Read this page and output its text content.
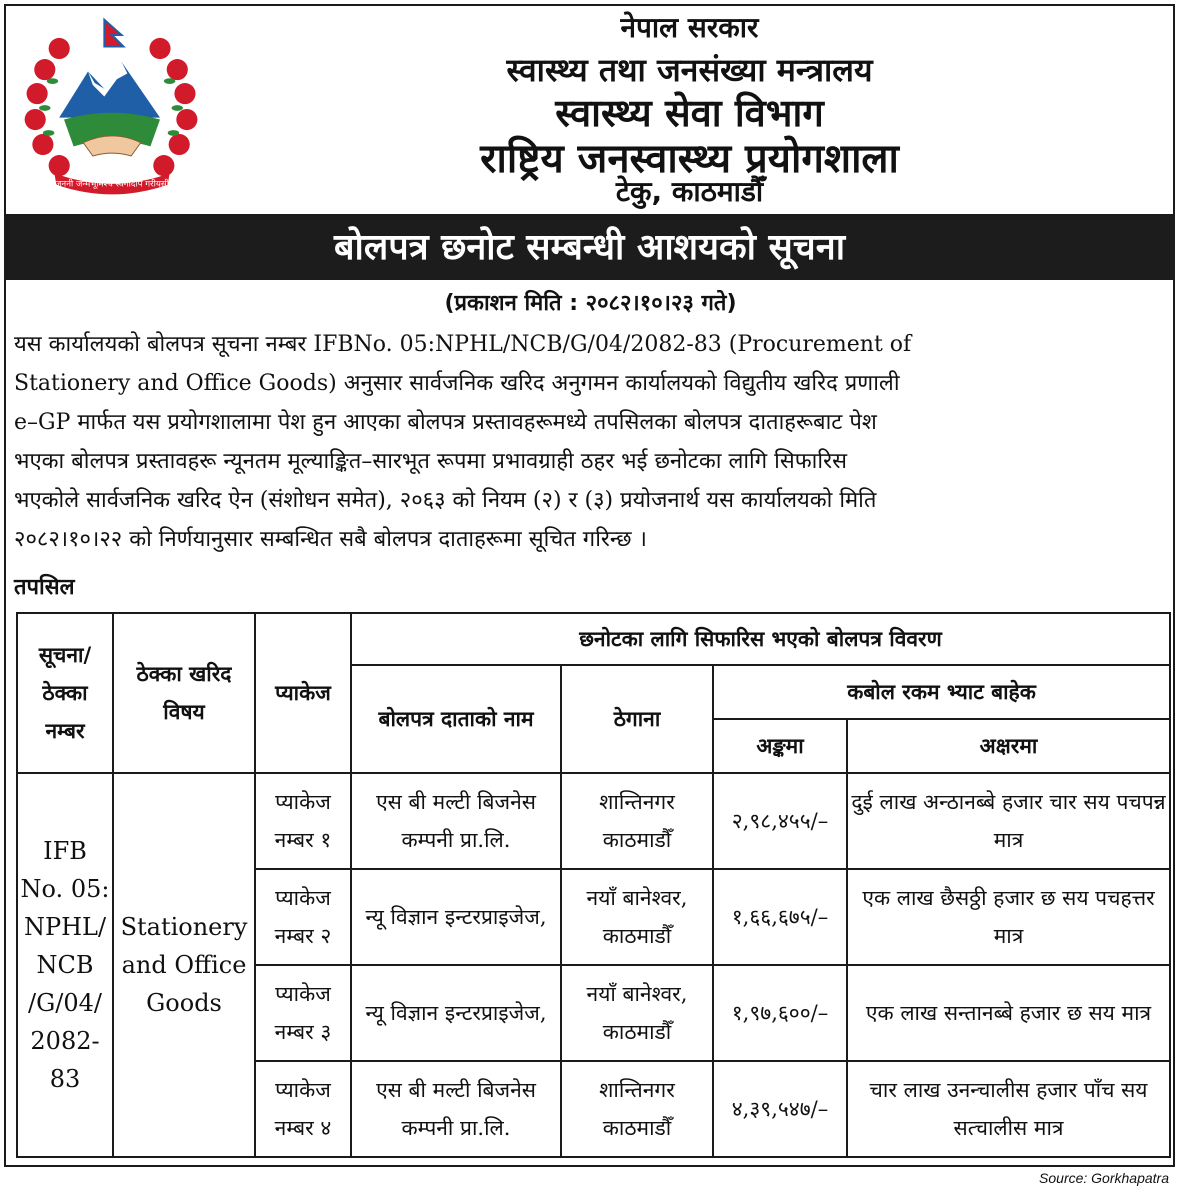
जननी जन्मभूमिश्च स्वर्गादपि गरीयसी
नेपाल सरकार
स्वास्थ्य तथा जनसंख्या मन्त्रालय
स्वास्थ्य सेवा विभाग
राष्ट्रिय जनस्वास्थ्य प्रयोगशाला
टेकु, काठमाडौँ
बोलपत्र छनोट सम्बन्धी आशयको सूचना
(प्रकाशन मिति : २०८२।१०।२३ गते)
यस कार्यालयको बोलपत्र सूचना नम्बर IFBNo. 05:NPHL/NCB/G/04/2082-83 (Procurement of
Stationery and Office Goods) अनुसार सार्वजनिक खरिद अनुगमन कार्यालयको विद्युतीय खरिद प्रणाली
e–GP मार्फत यस प्रयोगशालामा पेश हुन आएका बोलपत्र प्रस्तावहरूमध्ये तपसिलका बोलपत्र दाताहरूबाट पेश
भएका बोलपत्र प्रस्तावहरू न्यूनतम मूल्याङ्कित–सारभूत रूपमा प्रभावग्राही ठहर भई छनोटका लागि सिफारिस
भएकोले सार्वजनिक खरिद ऐन (संशोधन समेत), २०६३ को नियम (२) र (३) प्रयोजनार्थ यस कार्यालयको मिति
२०८२।१०।२२ को निर्णयानुसार सम्बन्धित सबै बोलपत्र दाताहरूमा सूचित गरिन्छ ।
तपसिल
सूचना/ ठेक्का नम्बर	ठेक्का खरिद विषय	प्याकेज	छनोटका लागि सिफारिस भएको बोलपत्र विवरण			
			बोलपत्र दाताको नाम	ठेगाना	कबोल रकम भ्याट बाहेक	
					अङ्कमा	अक्षरमा
IFB No. 05: NPHL/ NCB /G/04/ 2082-83	Stationery and Office Goods	प्याकेज नम्बर १	एस बी मल्टी बिजनेस कम्पनी प्रा.लि.	शान्तिनगर काठमाडौँ	२,९८,४५५/–	दुई लाख अन्ठानब्बे हजार चार सय पचपन्न मात्र
		प्याकेज नम्बर २	न्यू विज्ञान इन्टरप्राइजेज,	नयाँ बानेश्वर, काठमाडौँ	१,६६,६७५/–	एक लाख छैसठ्ठी हजार छ सय पचहत्तर मात्र
		प्याकेज नम्बर ३	न्यू विज्ञान इन्टरप्राइजेज,	नयाँ बानेश्वर, काठमाडौँ	१,९७,६००/–	एक लाख सन्तानब्बे हजार छ सय मात्र
		प्याकेज नम्बर ४	एस बी मल्टी बिजनेस कम्पनी प्रा.लि.	शान्तिनगर काठमाडौँ	४,३९,५४७/–	चार लाख उनन्चालीस हजार पाँच सय सत्चालीस मात्र
Source: Gorkhapatra
